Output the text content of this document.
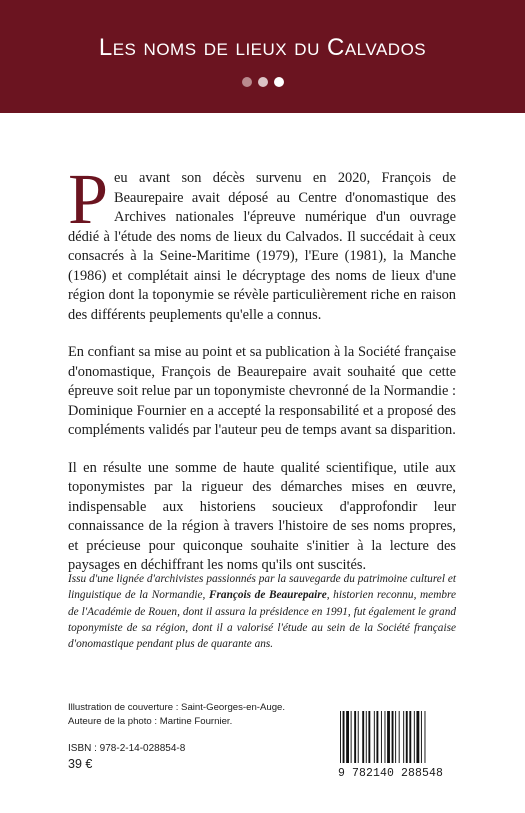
Les noms de lieux du Calvados

Peu avant son décès survenu en 2020, François de Beaurepaire avait déposé au Centre d'onomastique des Archives nationales l'épreuve numérique d'un ouvrage dédié à l'étude des noms de lieux du Calvados. Il succédait à ceux consacrés à la Seine-Maritime (1979), l'Eure (1981), la Manche (1986) et complétait ainsi le décryptage des noms de lieux d'une région dont la toponymie se révèle particulièrement riche en raison des différents peuplements qu'elle a connus.

En confiant sa mise au point et sa publication à la Société française d'onomastique, François de Beaurepaire avait souhaité que cette épreuve soit relue par un toponymiste chevronné de la Normandie : Dominique Fournier en a accepté la responsabilité et a proposé des compléments validés par l'auteur peu de temps avant sa disparition.

Il en résulte une somme de haute qualité scientifique, utile aux toponymistes par la rigueur des démarches mises en œuvre, indispensable aux historiens soucieux d'approfondir leur connaissance de la région à travers l'histoire de ses noms propres, et précieuse pour quiconque souhaite s'initier à la lecture des paysages en déchiffrant les noms qu'ils ont suscités.

Issu d'une lignée d'archivistes passionnés par la sauvegarde du patrimoine culturel et linguistique de la Normandie, François de Beaurepaire, historien reconnu, membre de l'Académie de Rouen, dont il assura la présidence en 1991, fut également le grand toponymiste de sa région, dont il a valorisé l'étude au sein de la Société française d'onomastique pendant plus de quarante ans.
Illustration de couverture : Saint-Georges-en-Auge.
Auteure de la photo : Martine Fournier.
ISBN : 978-2-14-028854-8
39 €
9 782140 288548
